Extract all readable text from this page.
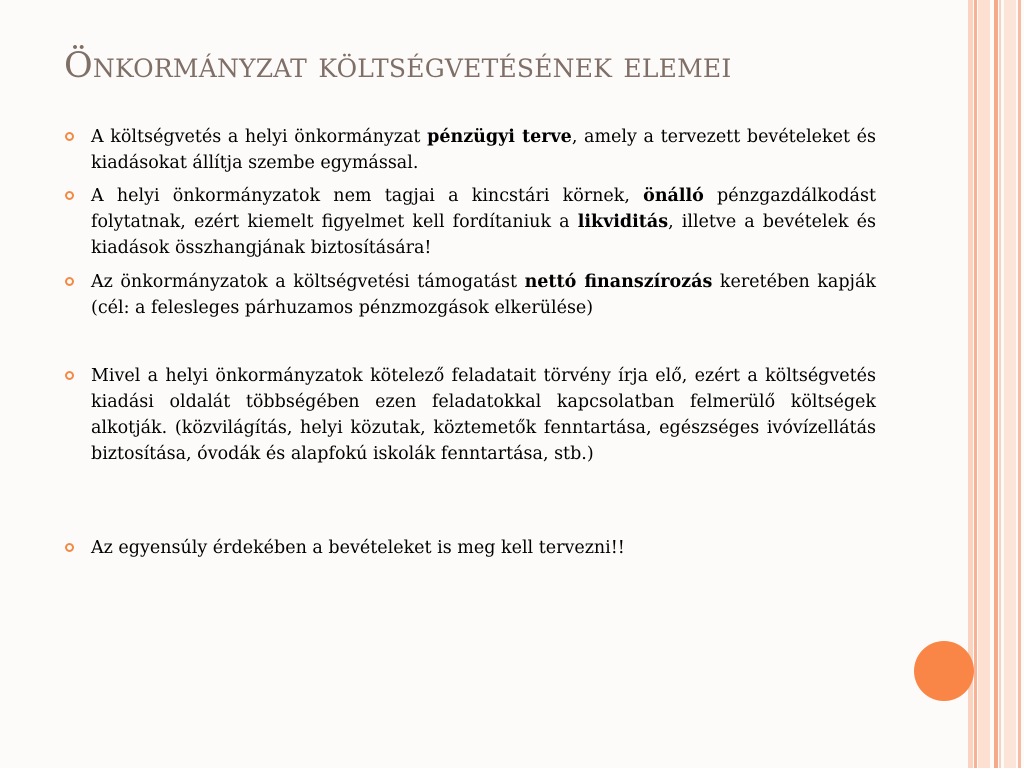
Önkormányzat költségvetésének elemei

A költségvetés a helyi önkormányzat pénzügyi terve, amely a tervezett bevételeket és kiadásokat állítja szembe egymással.

A helyi önkormányzatok nem tagjai a kincstári körnek, önálló pénzgazdálkodást folytatnak, ezért kiemelt figyelmet kell fordítaniuk a likviditás, illetve a bevételek és kiadások összhangjának biztosítására!

Az önkormányzatok a költségvetési támogatást nettó finanszírozás keretében kapják (cél: a felesleges párhuzamos pénzmozgások elkerülése)

Mivel a helyi önkormányzatok kötelező feladatait törvény írja elő, ezért a költségvetés kiadási oldalát többségében ezen feladatokkal kapcsolatban felmerülő költségek alkotják. (közvilágítás, helyi közutak, köztemetők fenntartása, egészséges ivóvízellátás biztosítása, óvodák és alapfokú iskolák fenntartása, stb.)

Az egyensúly érdekében a bevételeket is meg kell tervezni!!
